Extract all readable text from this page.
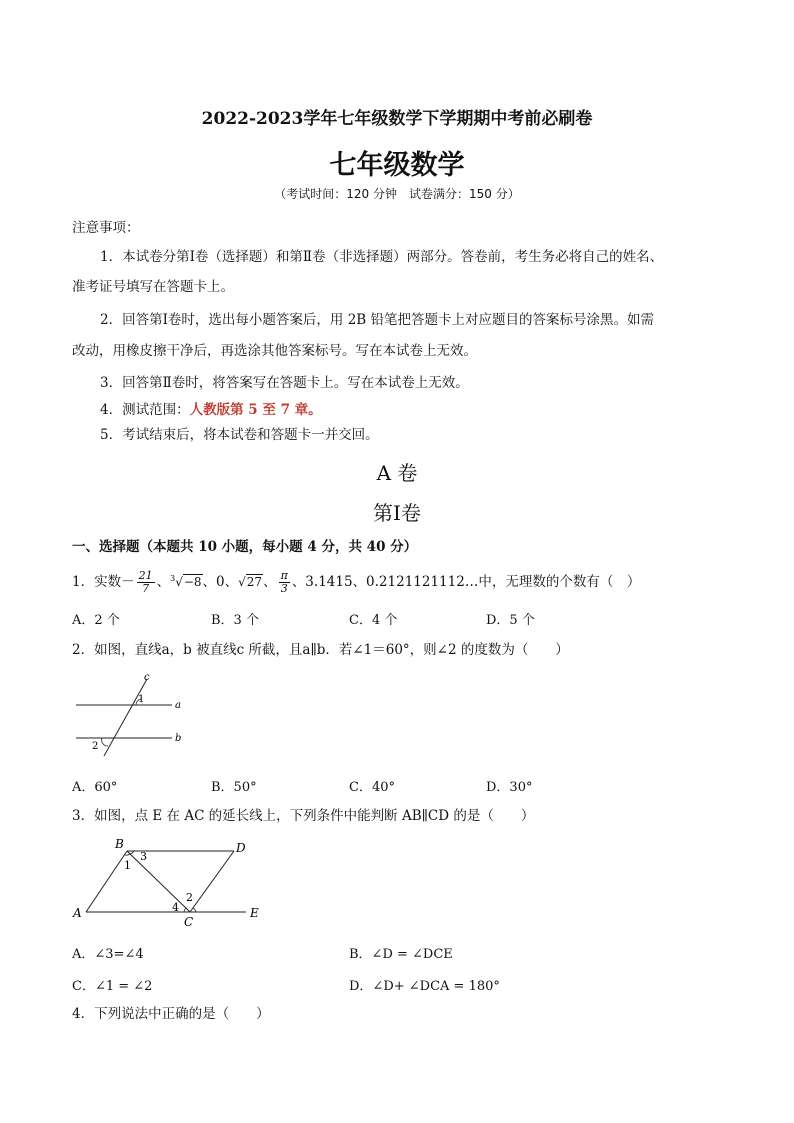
2022-2023学年七年级数学下学期期中考前必刷卷
七年级数学
（考试时间：120 分钟　试卷满分：150 分）
注意事项：
1．本试卷分第Ⅰ卷（选择题）和第Ⅱ卷（非选择题）两部分。答卷前，考生务必将自己的姓名、
准考证号填写在答题卡上。
2．回答第Ⅰ卷时，选出每小题答案后，用 2B 铅笔把答题卡上对应题目的答案标号涂黑。如需
改动，用橡皮擦干净后，再选涂其他答案标号。写在本试卷上无效。
3．回答第Ⅱ卷时，将答案写在答题卡上。写在本试卷上无效。
4．测试范围：人教版第 5 至 7 章。
5．考试结束后，将本试卷和答题卡一并交回。
A 卷
第Ⅰ卷
一、选择题（本题共 10 小题，每小题 4 分，共 40 分）
1．实数－ $\frac{21}{7}$ 、$^3$√−8、0、√27、 $\frac{\pi}{3}$ 、3.1415、0.2121121112…中，无理数的个数有（　）
A．2 个	B．3 个	C．4 个	D．5 个
2．如图，直线a，b 被直线c 所截，且a∥b．若∠1＝60°，则∠2 的度数为（　　）
c
a
b
1
2
A．60°	B．50°	C．40°	D．30°
3．如图，点 E 在 AC 的延长线上，下列条件中能判断 AB∥CD 的是（　　）
B	D
A
C
E
1
2
3
4
A．∠3=∠4	B．∠D = ∠DCE
C．∠1 = ∠2	D．∠D+ ∠DCA = 180°
4．下列说法中正确的是（　　）
